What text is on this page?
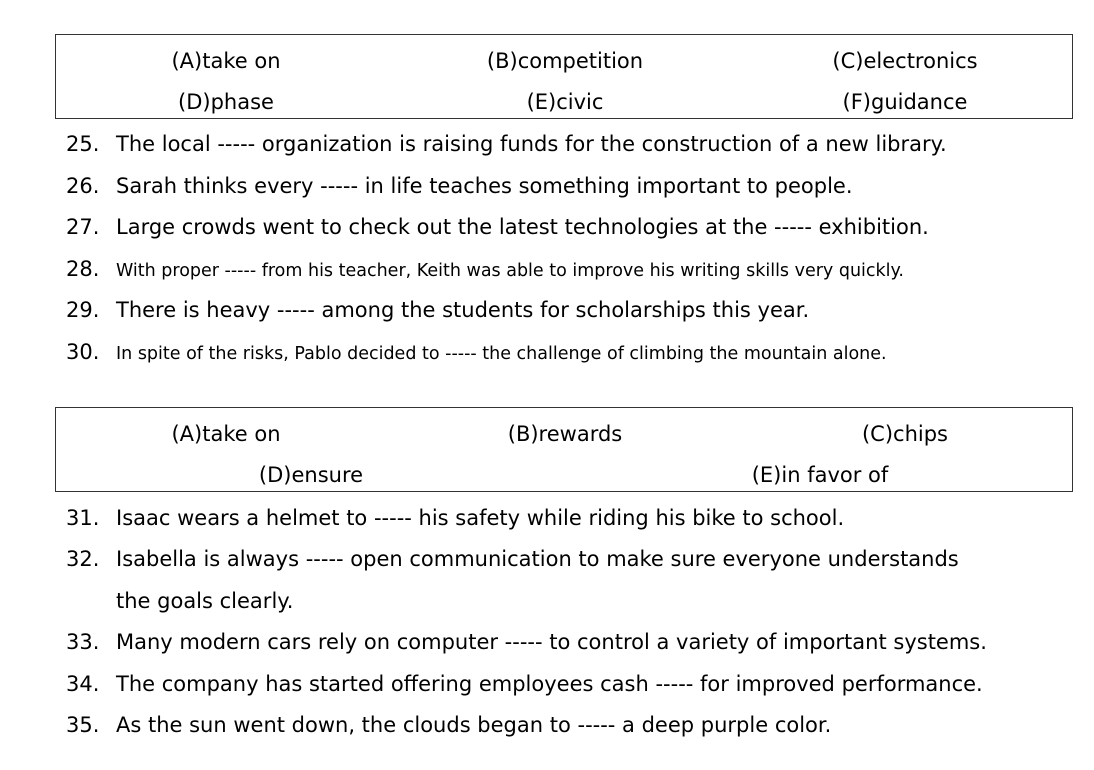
(A)take on	(B)competition	(C)electronics
(D)phase	(E)civic	(F)guidance
25. The local ----- organization is raising funds for the construction of a new library.
26. Sarah thinks every ----- in life teaches something important to people.
27. Large crowds went to check out the latest technologies at the ----- exhibition.
28. With proper ----- from his teacher, Keith was able to improve his writing skills very quickly.
29. There is heavy ----- among the students for scholarships this year.
30. In spite of the risks, Pablo decided to ----- the challenge of climbing the mountain alone.
(A)take on	(B)rewards	(C)chips
(D)ensure	(E)in favor of
31. Isaac wears a helmet to ----- his safety while riding his bike to school.
32. Isabella is always ----- open communication to make sure everyone understands
the goals clearly.
33. Many modern cars rely on computer ----- to control a variety of important systems.
34. The company has started offering employees cash ----- for improved performance.
35. As the sun went down, the clouds began to ----- a deep purple color.
